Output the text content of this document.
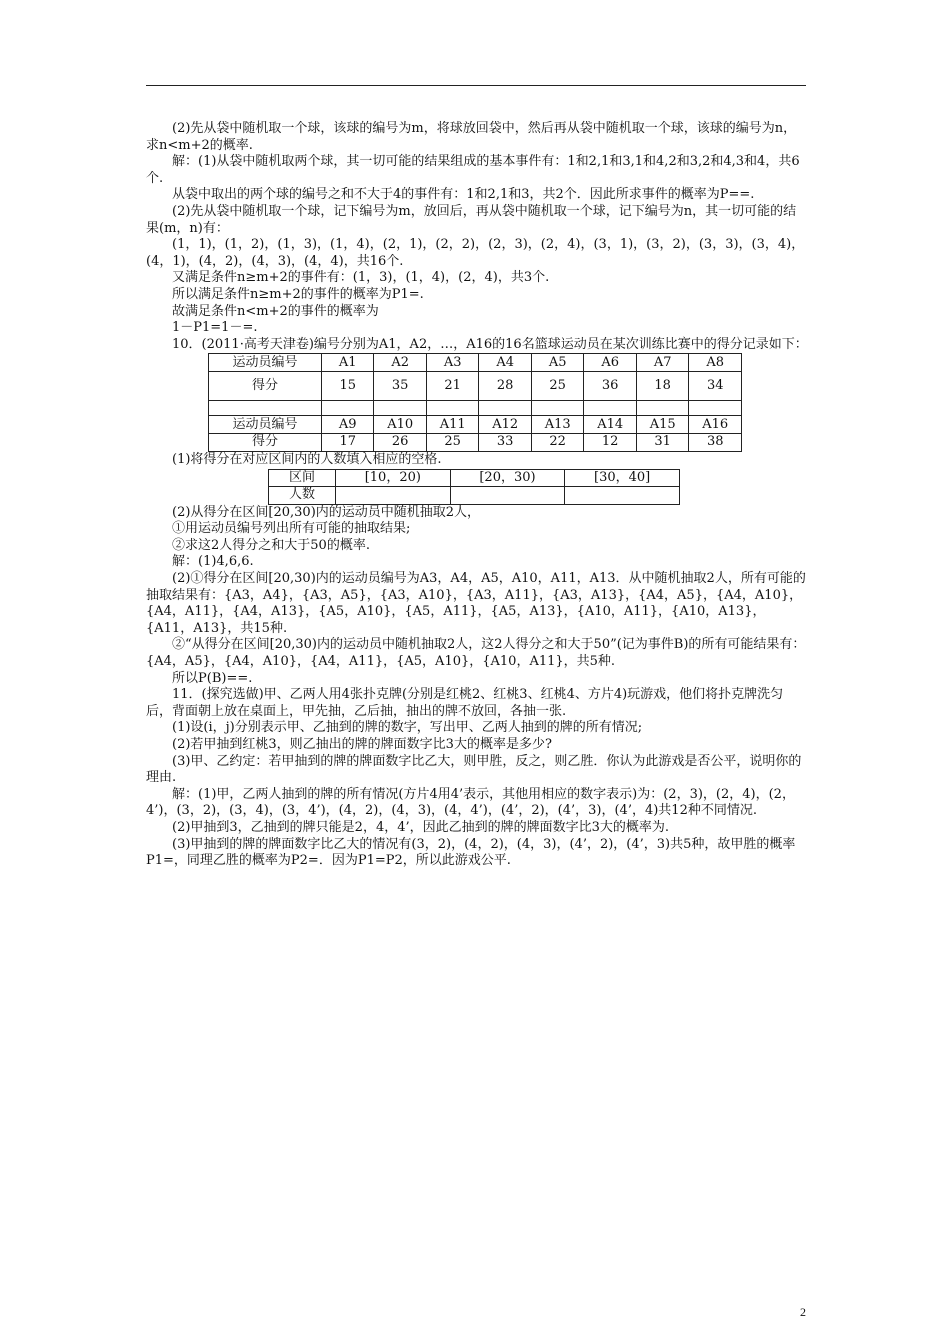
(2)先从袋中随机取一个球，该球的编号为m，将球放回袋中，然后再从袋中随机取一个球，该球的编号为n，求n<m+2的概率.

解：(1)从袋中随机取两个球，其一切可能的结果组成的基本事件有：1和2,1和3,1和4,2和3,2和4,3和4，共6个.

从袋中取出的两个球的编号之和不大于4的事件有：1和2,1和3，共2个．因此所求事件的概率为P==.

(2)先从袋中随机取一个球，记下编号为m，放回后，再从袋中随机取一个球，记下编号为n，其一切可能的结果(m，n)有：

(1，1)，(1，2)，(1，3)，(1，4)，(2，1)，(2，2)，(2，3)，(2，4)，(3，1)，(3，2)，(3，3)，(3，4)，(4，1)，(4，2)，(4，3)，(4，4)，共16个.

又满足条件n≥m+2的事件有：(1，3)，(1，4)，(2，4)，共3个.

所以满足条件n≥m+2的事件的概率为P1=.

故满足条件n<m+2的事件的概率为

1－P1=1－=.

10．(2011·高考天津卷)编号分别为A1，A2，…，A16的16名篮球运动员在某次训练比赛中的得分记录如下：

运动员编号	A1	A2	A3	A4	A5	A6	A7	A8
得分	15	35	21	28	25	36	18	34

运动员编号	A9	A10	A11	A12	A13	A14	A15	A16
得分	17	26	25	33	22	12	31	38

(1)将得分在对应区间内的人数填入相应的空格.

区间	[10，20)	[20，30)	[30，40]
人数			

(2)从得分在区间[20,30)内的运动员中随机抽取2人，

①用运动员编号列出所有可能的抽取结果;

②求这2人得分之和大于50的概率.

解：(1)4,6,6.

(2)①得分在区间[20,30)内的运动员编号为A3，A4，A5，A10，A11，A13．从中随机抽取2人，所有可能的抽取结果有：{A3，A4}，{A3，A5}，{A3，A10}，{A3，A11}，{A3，A13}，{A4，A5}，{A4，A10}，{A4，A11}，{A4，A13}，{A5，A10}，{A5，A11}，{A5，A13}，{A10，A11}，{A10，A13}，{A11，A13}，共15种.

②“从得分在区间[20,30)内的运动员中随机抽取2人，这2人得分之和大于50”(记为事件B)的所有可能结果有：{A4，A5}，{A4，A10}，{A4，A11}，{A5，A10}，{A10，A11}，共5种.

所以P(B)==.

11．(探究选做)甲、乙两人用4张扑克牌(分别是红桃2、红桃3、红桃4、方片4)玩游戏，他们将扑克牌洗匀后，背面朝上放在桌面上，甲先抽，乙后抽，抽出的牌不放回，各抽一张.

(1)设(i，j)分别表示甲、乙抽到的牌的数字，写出甲、乙两人抽到的牌的所有情况;

(2)若甲抽到红桃3，则乙抽出的牌的牌面数字比3大的概率是多少?

(3)甲、乙约定：若甲抽到的牌的牌面数字比乙大，则甲胜，反之，则乙胜．你认为此游戏是否公平，说明你的理由.

解：(1)甲，乙两人抽到的牌的所有情况(方片4用4’表示，其他用相应的数字表示)为：(2，3)，(2，4)，(2，4’)，(3，2)，(3，4)，(3，4’)，(4，2)，(4，3)，(4，4’)，(4’，2)，(4’，3)，(4’，4)共12种不同情况.

(2)甲抽到3，乙抽到的牌只能是2，4，4’，因此乙抽到的牌的牌面数字比3大的概率为.

(3)甲抽到的牌的牌面数字比乙大的情况有(3，2)，(4，2)，(4，3)，(4’，2)，(4’，3)共5种，故甲胜的概率P1=，同理乙胜的概率为P2=．因为P1=P2，所以此游戏公平.

2
